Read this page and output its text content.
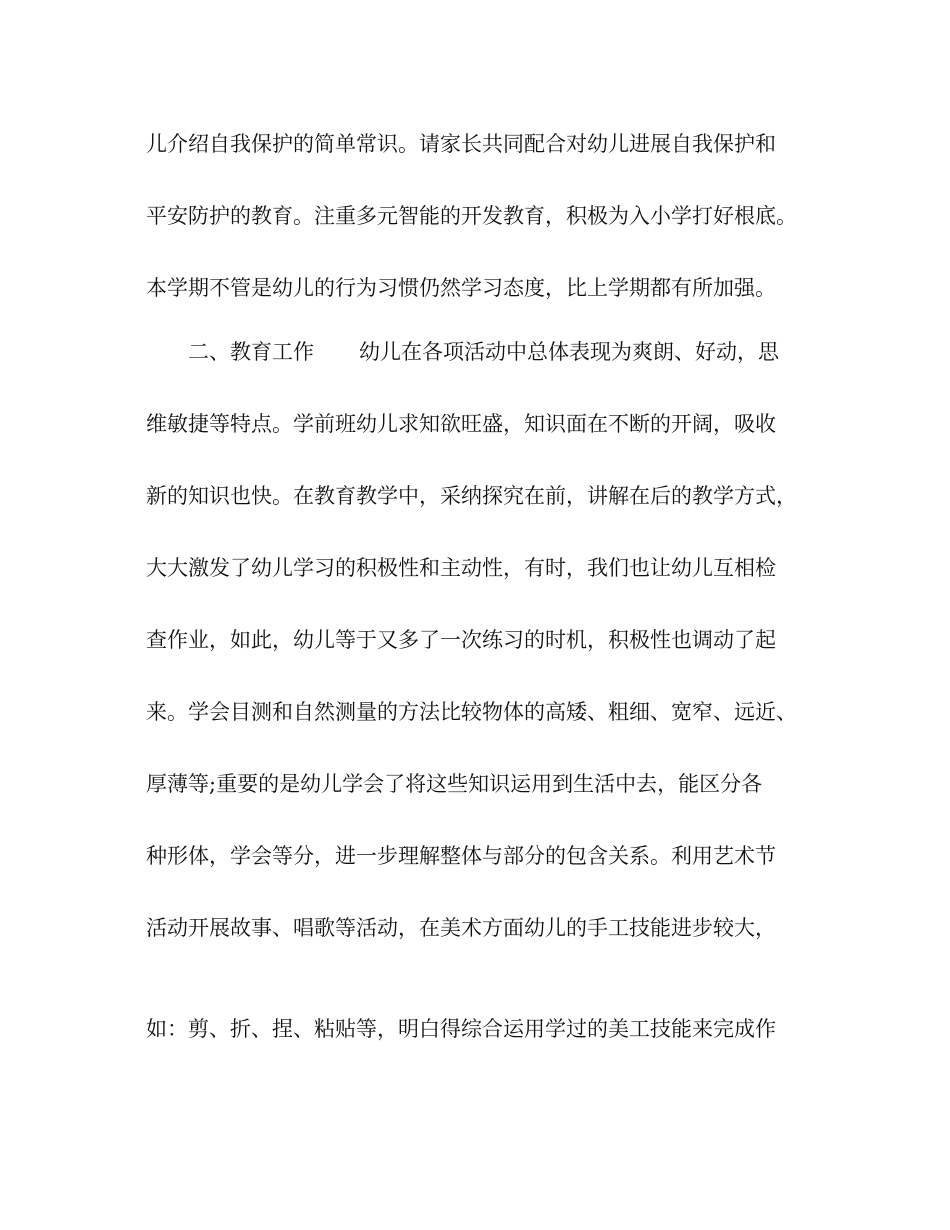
儿介绍自我保护的简单常识。请家长共同配合对幼儿进展自我保护和

平安防护的教育。注重多元智能的开发教育，积极为入小学打好根底。

本学期不管是幼儿的行为习惯仍然学习态度，比上学期都有所加强。

二、教育工作 幼儿在各项活动中总体表现为爽朗、好动，思

维敏捷等特点。学前班幼儿求知欲旺盛，知识面在不断的开阔，吸收

新的知识也快。在教育教学中，采纳探究在前，讲解在后的教学方式，

大大激发了幼儿学习的积极性和主动性，有时，我们也让幼儿互相检

查作业，如此，幼儿等于又多了一次练习的时机，积极性也调动了起

来。学会目测和自然测量的方法比较物体的高矮、粗细、宽窄、远近、

厚薄等;重要的是幼儿学会了将这些知识运用到生活中去，能区分各

种形体，学会等分，进一步理解整体与部分的包含关系。利用艺术节

活动开展故事、唱歌等活动，在美术方面幼儿的手工技能进步较大，

如：剪、折、捏、粘贴等，明白得综合运用学过的美工技能来完成作
